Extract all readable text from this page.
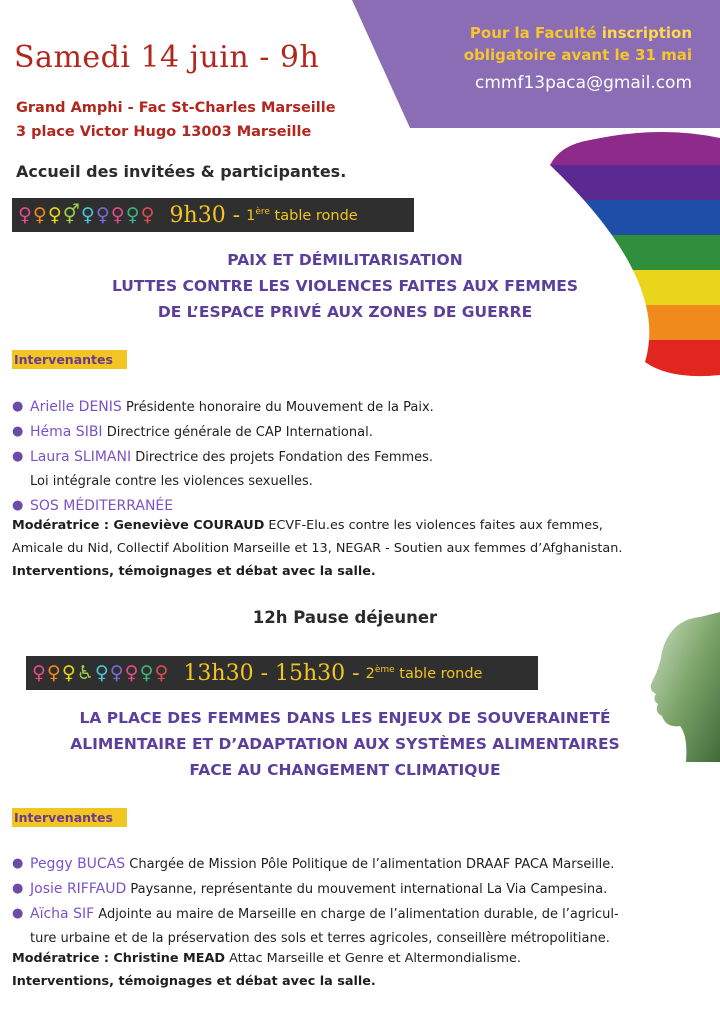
Pour la Faculté inscription
obligatoire avant le 31 mai
cmmf13paca@gmail.com
Samedi 14 juin - 9h
Grand Amphi - Fac St-Charles Marseille
3 place Victor Hugo 13003 Marseille
Accueil des invitées & participantes.
♀♀♀⚥♀♀♀♀♀ 9h30 - 1ère table ronde
PAIX ET DÉMILITARISATION
LUTTES CONTRE LES VIOLENCES FAITES AUX FEMMES
DE L’ESPACE PRIVÉ AUX ZONES DE GUERRE
Intervenantes
● Arielle DENIS Présidente honoraire du Mouvement de la Paix.
● Héma SIBI Directrice générale de CAP International.
● Laura SLIMANI Directrice des projets Fondation des Femmes.
Loi intégrale contre les violences sexuelles.
● SOS MÉDITERRANÉE
Modératrice : Geneviève COURAUD ECVF-Elu.es contre les violences faites aux femmes,
Amicale du Nid, Collectif Abolition Marseille et 13, NEGAR - Soutien aux femmes d’Afghanistan.
Interventions, témoignages et débat avec la salle.
12h Pause déjeuner
♀♀♀♿♀♀♀♀♀ 13h30 - 15h30 - 2ème table ronde
LA PLACE DES FEMMES DANS LES ENJEUX DE SOUVERAINETÉ
ALIMENTAIRE ET D’ADAPTATION AUX SYSTÈMES ALIMENTAIRES
FACE AU CHANGEMENT CLIMATIQUE
Intervenantes
● Peggy BUCAS Chargée de Mission Pôle Politique de l’alimentation DRAAF PACA Marseille.
● Josie RIFFAUD Paysanne, représentante du mouvement international La Via Campesina.
● Aïcha SIF Adjointe au maire de Marseille en charge de l’alimentation durable, de l’agricul-
ture urbaine et de la préservation des sols et terres agricoles, conseillère métropolitiane.
Modératrice : Christine MEAD Attac Marseille et Genre et Altermondialisme.
Interventions, témoignages et débat avec la salle.
